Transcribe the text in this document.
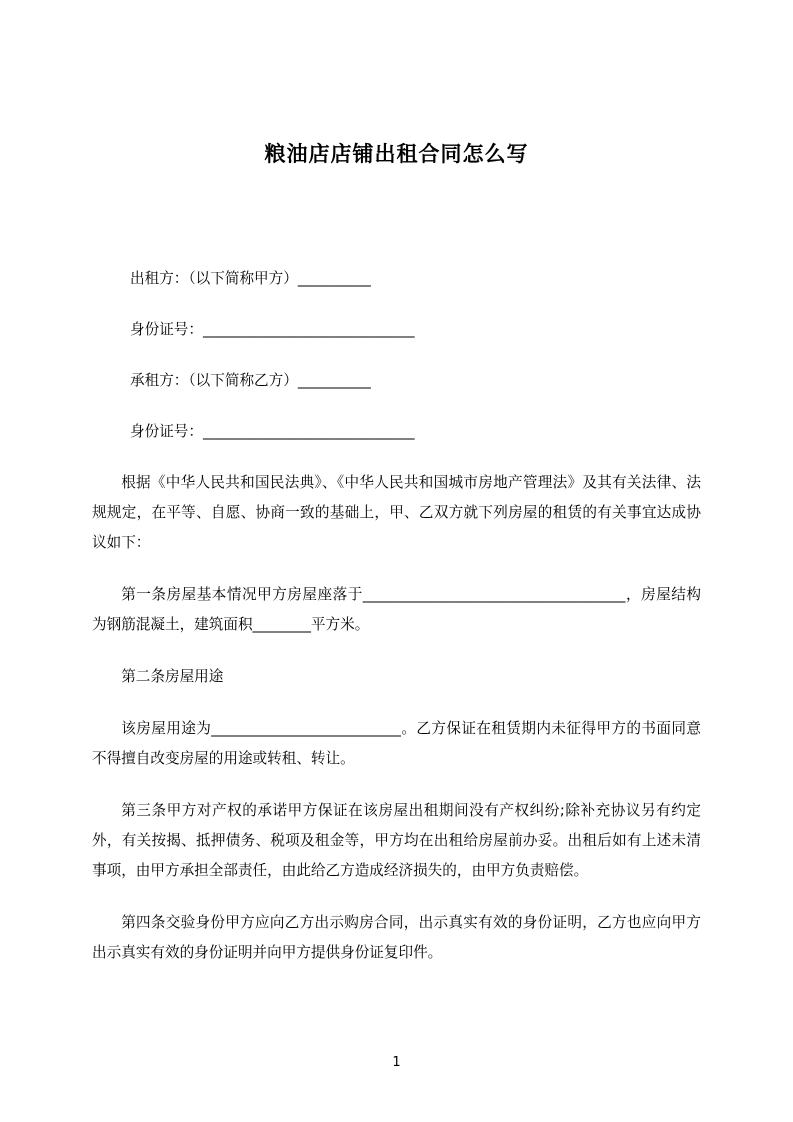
粮油店店铺出租合同怎么写

出租方：（以下简称甲方）__________

身份证号：_____________________________

承租方：（以下简称乙方）__________

身份证号：_____________________________

根据《中华人民共和国民法典》、《中华人民共和国城市房地产管理法》及其有关法律、法规规定，在平等、自愿、协商一致的基础上，甲、乙双方就下列房屋的租赁的有关事宜达成协议如下：

第一条房屋基本情况甲方房屋座落于____________________________________，房屋结构为钢筋混凝土，建筑面积________平方米。

第二条房屋用途

该房屋用途为__________________________。乙方保证在租赁期内未征得甲方的书面同意不得擅自改变房屋的用途或转租、转让。

第三条甲方对产权的承诺甲方保证在该房屋出租期间没有产权纠纷;除补充协议另有约定外，有关按揭、抵押债务、税项及租金等，甲方均在出租给房屋前办妥。出租后如有上述未清事项，由甲方承担全部责任，由此给乙方造成经济损失的，由甲方负责赔偿。

第四条交验身份甲方应向乙方出示购房合同，出示真实有效的身份证明，乙方也应向甲方出示真实有效的身份证明并向甲方提供身份证复印件。

1
